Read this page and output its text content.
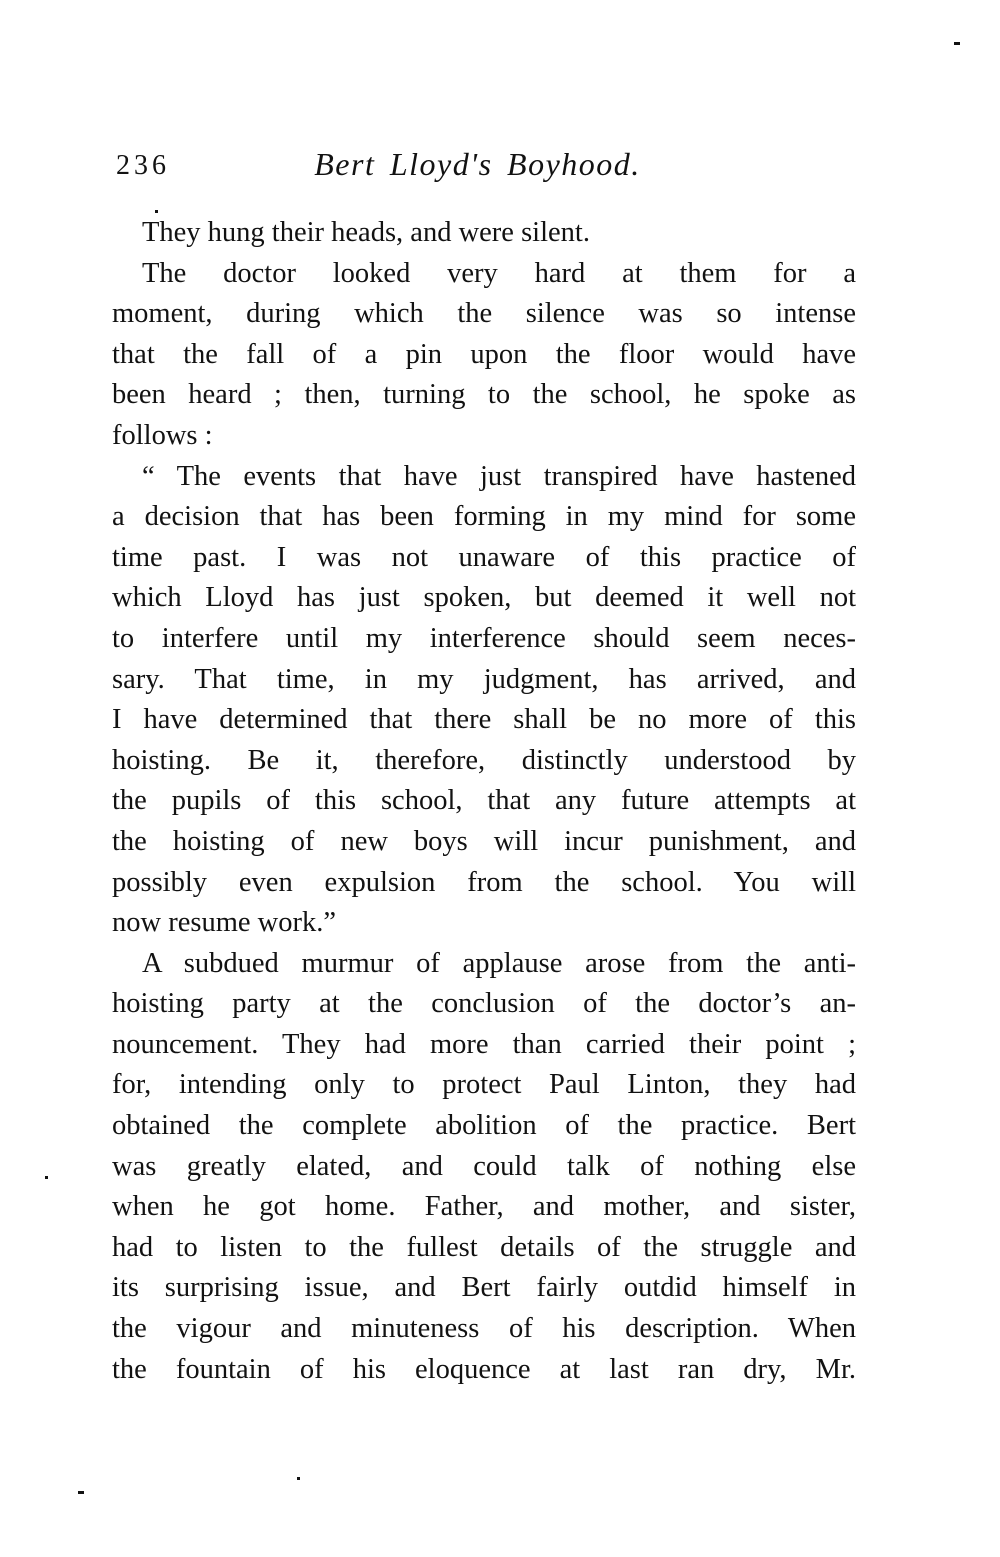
236	Bert Lloyd's Boyhood.
They hung their heads, and were silent.
The doctor looked very hard at them for a
moment, during which the silence was so intense
that the fall of a pin upon the floor would have
been heard ; then, turning to the school, he spoke as
follows :
“ The events that have just transpired have hastened
a decision that has been forming in my mind for some
time past. I was not unaware of this practice of
which Lloyd has just spoken, but deemed it well not
to interfere until my interference should seem neces-
sary. That time, in my judgment, has arrived, and
I have determined that there shall be no more of this
hoisting. Be it, therefore, distinctly understood by
the pupils of this school, that any future attempts at
the hoisting of new boys will incur punishment, and
possibly even expulsion from the school. You will
now resume work.”
A subdued murmur of applause arose from the anti-
hoisting party at the conclusion of the doctor’s an-
nouncement. They had more than carried their point ;
for, intending only to protect Paul Linton, they had
obtained the complete abolition of the practice. Bert
was greatly elated, and could talk of nothing else
when he got home. Father, and mother, and sister,
had to listen to the fullest details of the struggle and
its surprising issue, and Bert fairly outdid himself in
the vigour and minuteness of his description. When
the fountain of his eloquence at last ran dry, Mr.
